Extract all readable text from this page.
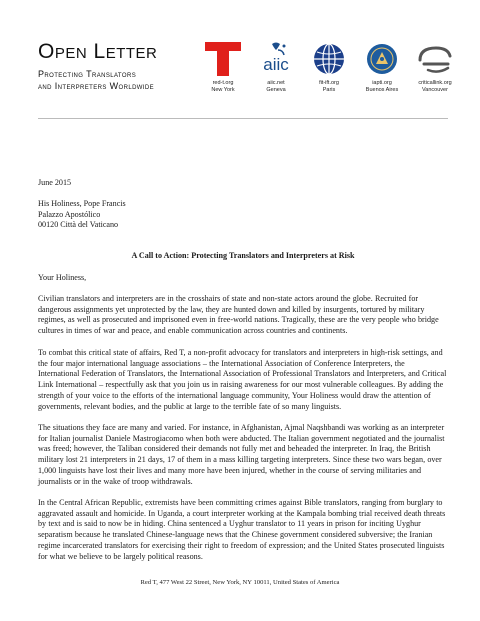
Open Letter
Protecting Translators
and Interpreters Worldwide	red-t.org
New York
aiic
aiic.net
Geneva
fit-ift.org
Paris
iapti.org
Buenos Aires
criticallink.org
Vancouver
June 2015
His Holiness, Pope Francis
Palazzo Apostólico
00120 Città del Vaticano
A Call to Action: Protecting Translators and Interpreters at Risk
Your Holiness,
Civilian translators and interpreters are in the crosshairs of state and non-state actors around the globe. Recruited for dangerous assignments yet unprotected by the law, they are hunted down and killed by insurgents, tortured by military regimes, as well as prosecuted and imprisoned even in free-world nations. Tragically, these are the very people who bridge cultures in times of war and peace, and enable communication across countries and continents.
To combat this critical state of affairs, Red T, a non-profit advocacy for translators and interpreters in high-risk settings, and the four major international language associations – the International Association of Conference Interpreters, the International Federation of Translators, the International Association of Professional Translators and Interpreters, and Critical Link International – respectfully ask that you join us in raising awareness for our most vulnerable colleagues. By adding the strength of your voice to the efforts of the international language community, Your Holiness would draw the attention of governments, relevant bodies, and the public at large to the terrible fate of so many linguists.
The situations they face are many and varied. For instance, in Afghanistan, Ajmal Naqshbandi was working as an interpreter for Italian journalist Daniele Mastrogiacomo when both were abducted. The Italian government negotiated and the journalist was freed; however, the Taliban considered their demands not fully met and beheaded the interpreter. In Iraq, the British military lost 21 interpreters in 21 days, 17 of them in a mass killing targeting interpreters. Since these two wars began, over 1,000 linguists have lost their lives and many more have been injured, whether in the course of serving militaries and journalists or in the wake of troop withdrawals.
In the Central African Republic, extremists have been committing crimes against Bible translators, ranging from burglary to aggravated assault and homicide. In Uganda, a court interpreter working at the Kampala bombing trial received death threats by text and is said to now be in hiding. China sentenced a Uyghur translator to 11 years in prison for inciting Uyghur separatism because he translated Chinese-language news that the Chinese government considered subversive; the Iranian regime incarcerated translators for exercising their right to freedom of expression; and the United States prosecuted linguists for what we believe to be largely political reasons.
Red T, 477 West 22 Street, New York, NY 10011, United States of America
